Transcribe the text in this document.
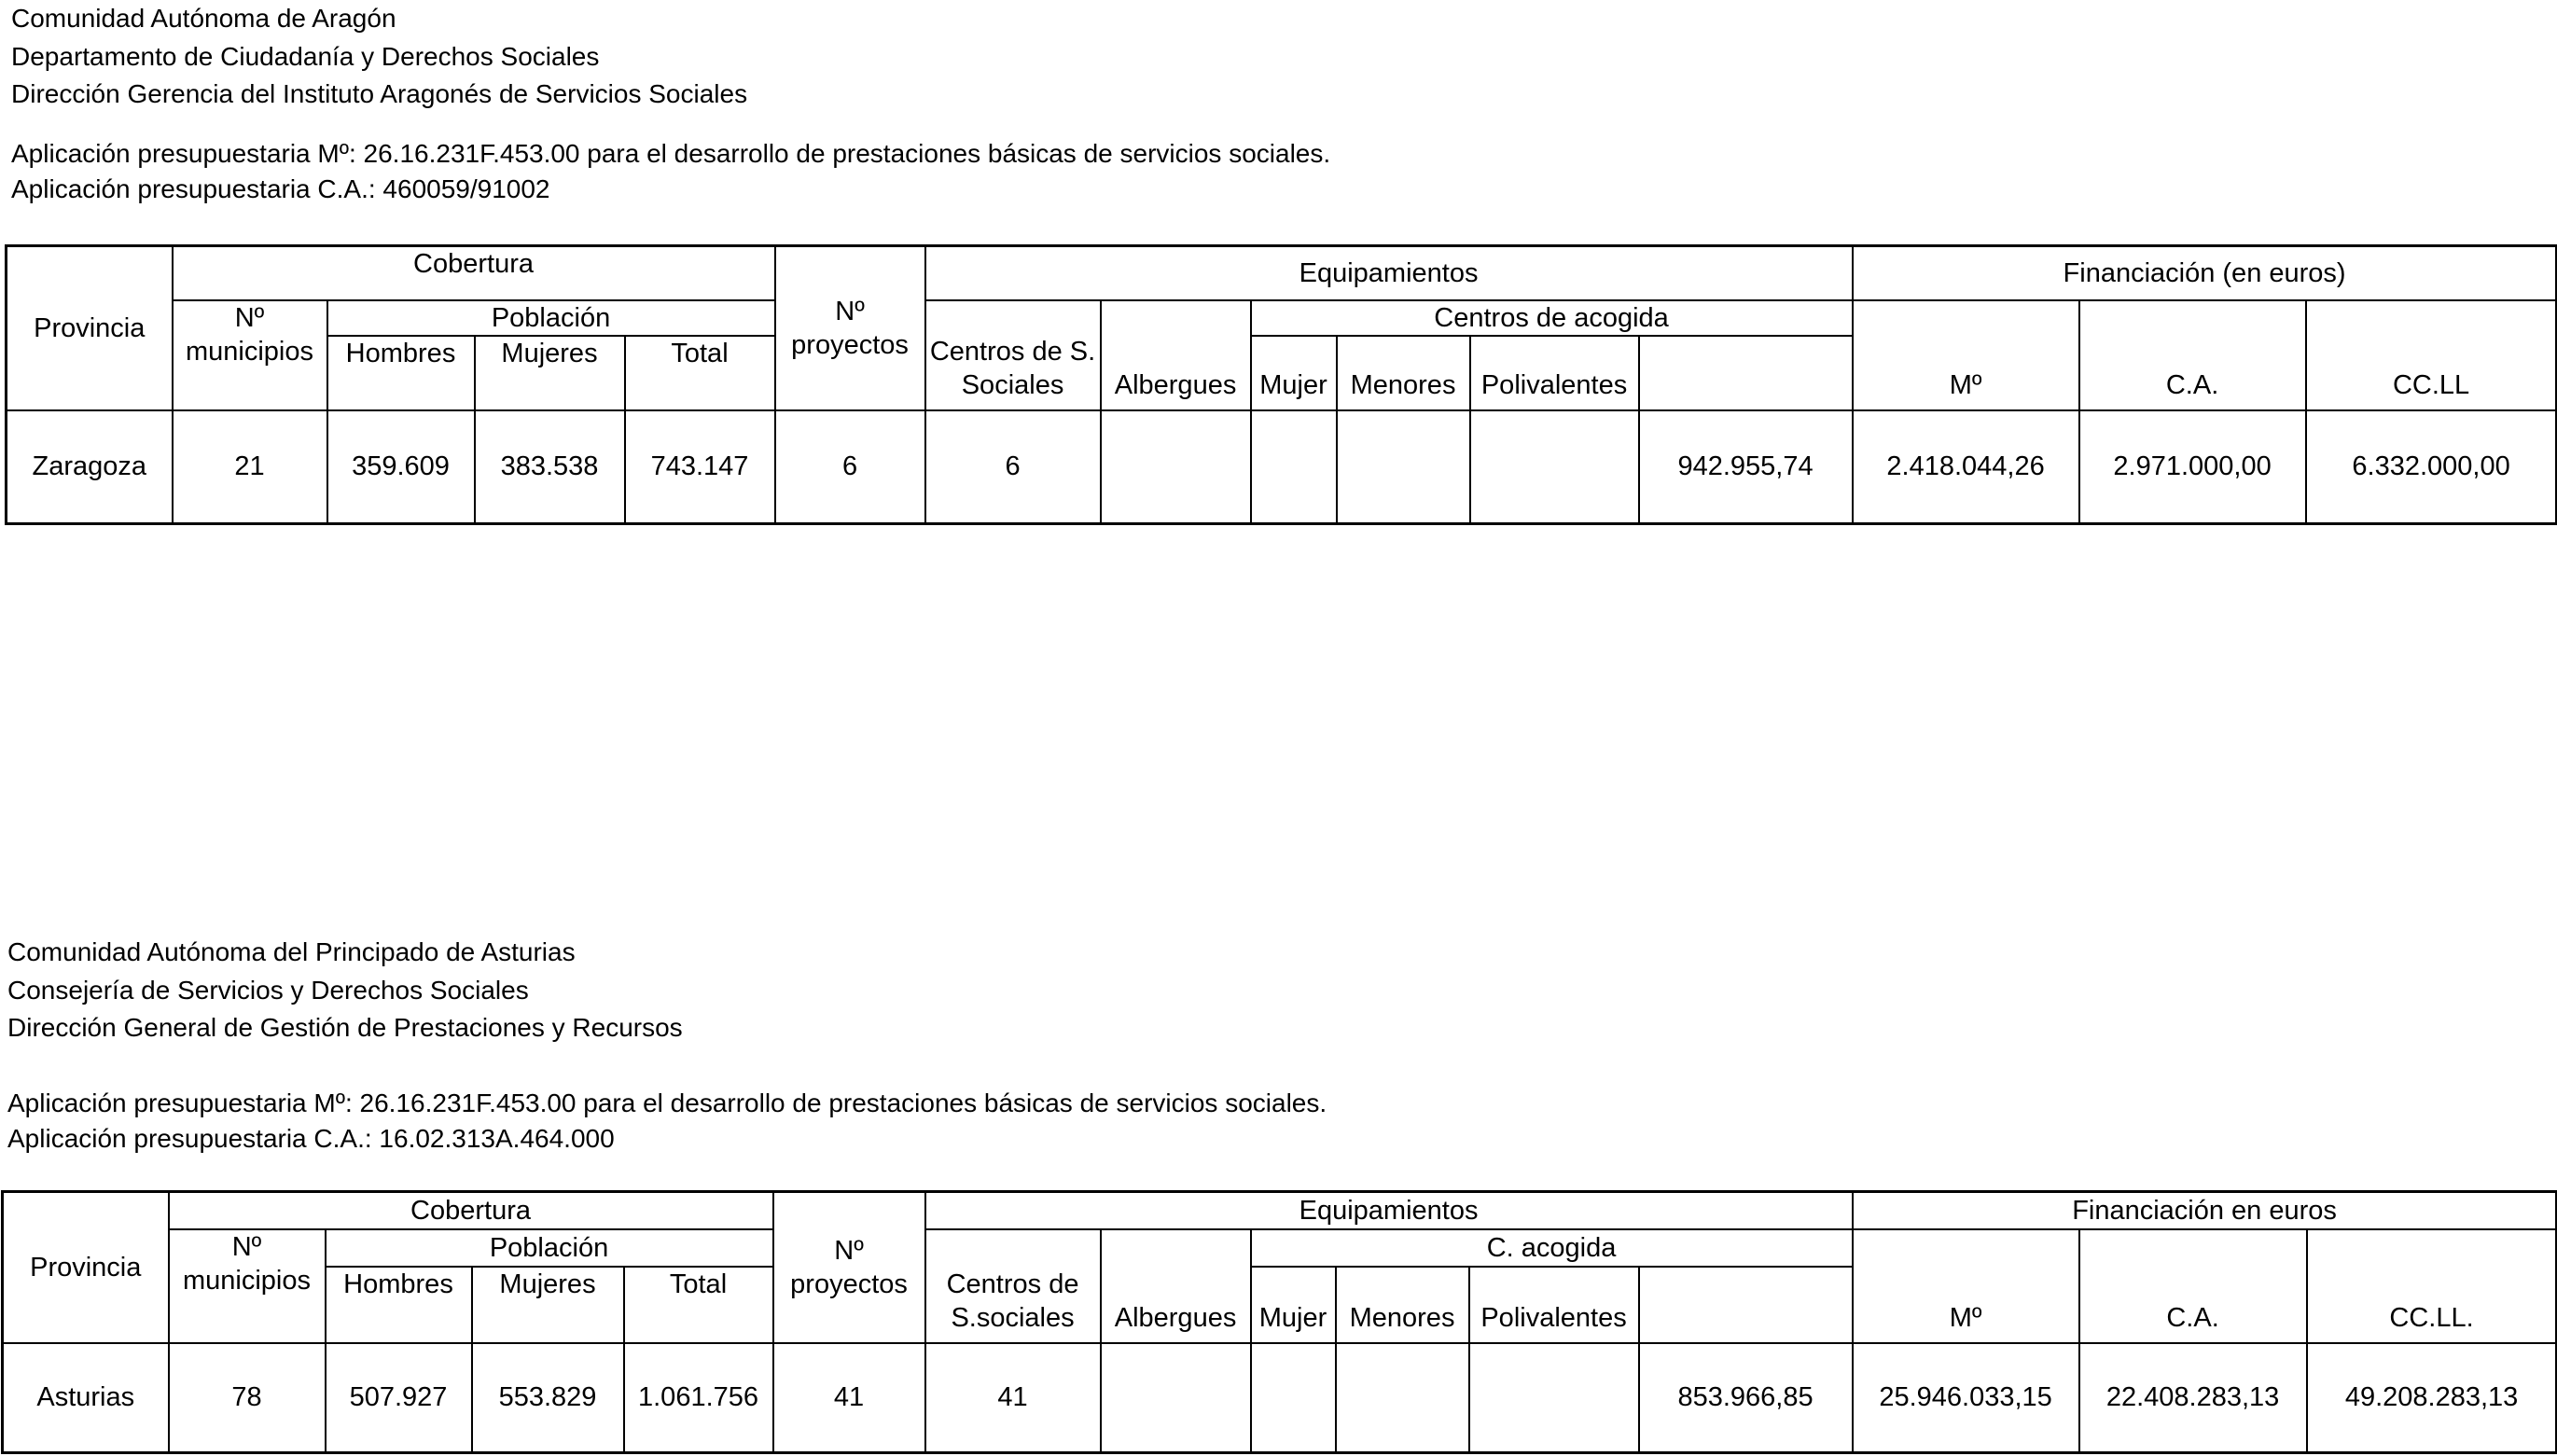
Comunidad Autónoma de Aragón
Departamento de Ciudadanía y Derechos Sociales
Dirección Gerencia del Instituto Aragonés de Servicios Sociales
Aplicación presupuestaria Mº: 26.16.231F.453.00 para el desarrollo de prestaciones básicas de servicios sociales.
Aplicación presupuestaria C.A.: 460059/91002
Provincia	Cobertura				Nº proyectos	Equipamientos						Financiación (en euros)	
	Nº municipios	Población				Centros de S. Sociales		Centros de acogida				Mº	C.A.	CC.LL	
		Hombres	Mujeres	Total			Albergues	Mujer	Menores	Polivalentes					
Zaragoza	21	359.609	383.538	743.147	6	6					942.955,74	2.418.044,26	2.971.000,00	6.332.000,00	
Comunidad Autónoma del Principado de Asturias
Consejería de Servicios y Derechos Sociales
Dirección General de Gestión de Prestaciones y Recursos
Aplicación presupuestaria Mº: 26.16.231F.453.00 para el desarrollo de prestaciones básicas de servicios sociales.
Aplicación presupuestaria C.A.: 16.02.313A.464.000
Provincia	Cobertura				Nº proyectos	Equipamientos						Financiación en euros	
	Nº municipios	Población				Centros de S.sociales		C. acogida				Mº	C.A.	CC.LL.	
		Hombres	Mujeres	Total			Albergues	Mujer	Menores	Polivalentes					
Asturias	78	507.927	553.829	1.061.756	41	41					853.966,85	25.946.033,15	22.408.283,13	49.208.283,13	
